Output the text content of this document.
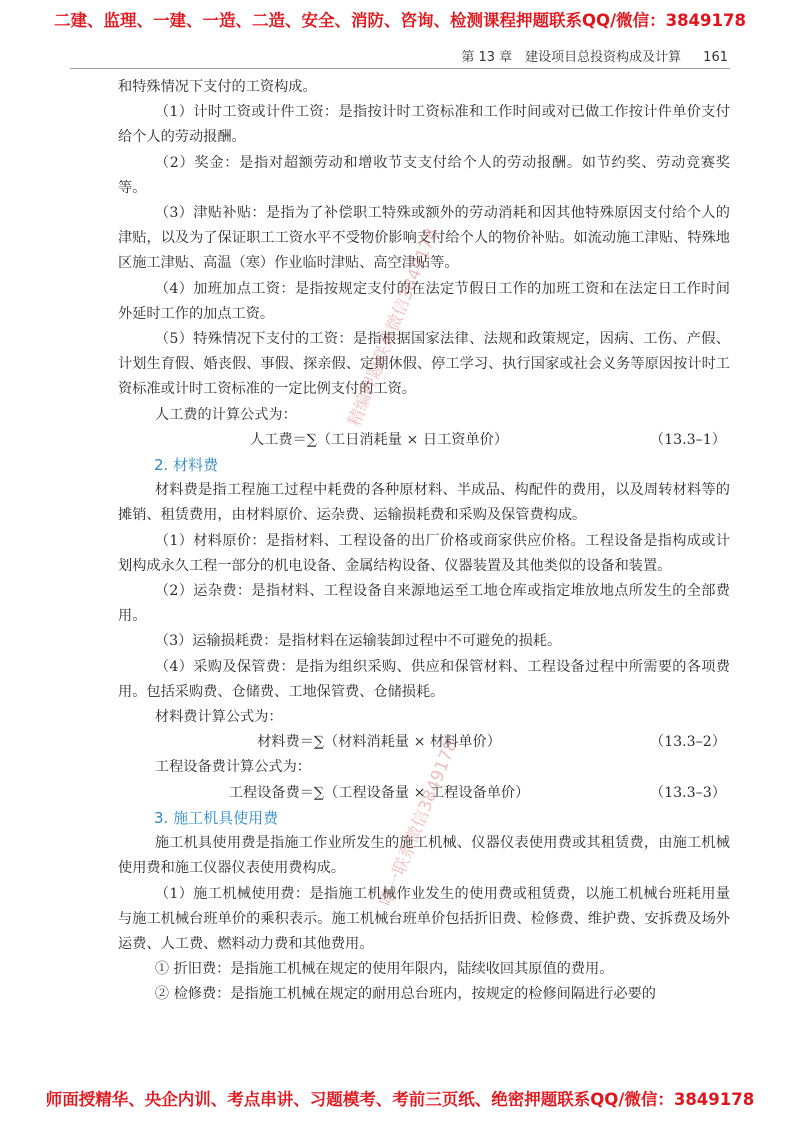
二建、监理、一建、一造、二造、安全、消防、咨询、检测课程押题联系QQ/微信：3849178
第 13 章　建设项目总投资构成及计算 161

和特殊情况下支付的工资构成。

（1）计时工资或计件工资：是指按计时工资标准和工作时间或对已做工作按计件单价支付给个人的劳动报酬。

（2）奖金：是指对超额劳动和增收节支支付给个人的劳动报酬。如节约奖、劳动竞赛奖等。

（3）津贴补贴：是指为了补偿职工特殊或额外的劳动消耗和因其他特殊原因支付给个人的津贴，以及为了保证职工工资水平不受物价影响支付给个人的物价补贴。如流动施工津贴、特殊地区施工津贴、高温（寒）作业临时津贴、高空津贴等。

（4）加班加点工资：是指按规定支付的在法定节假日工作的加班工资和在法定日工作时间外延时工作的加点工资。

（5）特殊情况下支付的工资：是指根据国家法律、法规和政策规定，因病、工伤、产假、计划生育假、婚丧假、事假、探亲假、定期休假、停工学习、执行国家或社会义务等原因按计时工资标准或计时工资标准的一定比例支付的工资。

人工费的计算公式为：

人工费＝∑（工日消耗量 × 日工资单价）	（13.3–1）

2. 材料费

材料费是指工程施工过程中耗费的各种原材料、半成品、构配件的费用，以及周转材料等的摊销、租赁费用，由材料原价、运杂费、运输损耗费和采购及保管费构成。

（1）材料原价：是指材料、工程设备的出厂价格或商家供应价格。工程设备是指构成或计划构成永久工程一部分的机电设备、金属结构设备、仪器装置及其他类似的设备和装置。

（2）运杂费：是指材料、工程设备自来源地运至工地仓库或指定堆放地点所发生的全部费用。

（3）运输损耗费：是指材料在运输装卸过程中不可避免的损耗。

（4）采购及保管费：是指为组织采购、供应和保管材料、工程设备过程中所需要的各项费用。包括采购费、仓储费、工地保管费、仓储损耗。

材料费计算公式为：

材料费＝∑（材料消耗量 × 材料单价）	（13.3–2）

工程设备费计算公式为：

工程设备费＝∑（工程设备量 × 工程设备单价）	（13.3–3）

3. 施工机具使用费

施工机具使用费是指施工作业所发生的施工机械、仪器仪表使用费或其租赁费，由施工机械使用费和施工仪器仪表使用费构成。

（1）施工机械使用费：是指施工机械作业发生的使用费或租赁费，以施工机械台班耗用量与施工机械台班单价的乘积表示。施工机械台班单价包括折旧费、检修费、维护费、安拆费及场外运费、人工费、燃料动力费和其他费用。

① 折旧费：是指施工机械在规定的使用年限内，陆续收回其原值的费用。

② 检修费：是指施工机械在规定的耐用总台班内，按规定的检修间隔进行必要的

精编押题联系微信3849178
唯一联系微信3849178
师面授精华、央企内训、考点串讲、习题模考、考前三页纸、绝密押题联系QQ/微信：3849178
